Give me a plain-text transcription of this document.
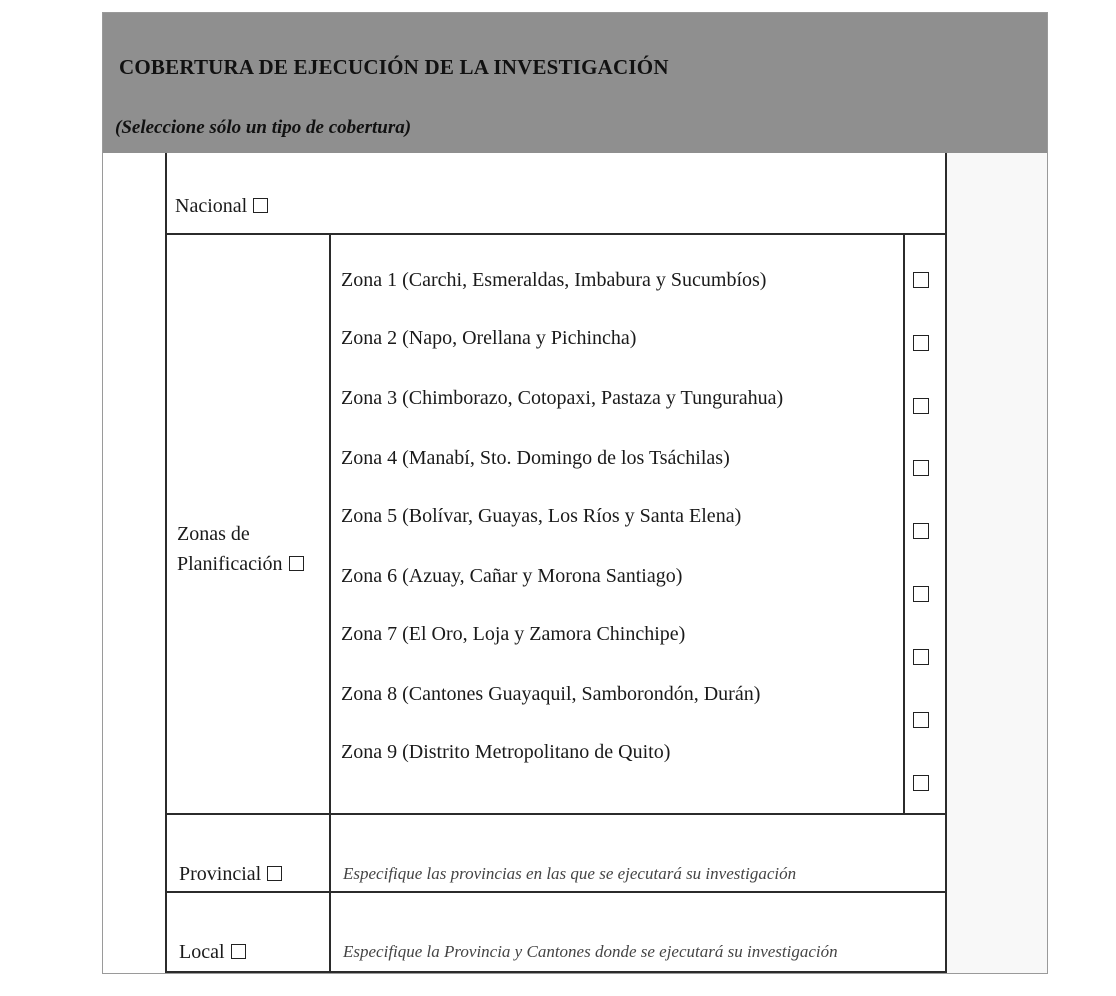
COBERTURA DE EJECUCIÓN DE LA INVESTIGACIÓN
(Seleccione sólo un tipo de cobertura)
Nacional
Zonas de
Planificación
Provincial	Especifique las provincias en las que se ejecutará su investigación
Local	Especifique la Provincia y Cantones donde se ejecutará su investigación
Zona 1 (Carchi, Esmeraldas, Imbabura y Sucumbíos)
Zona 2 (Napo, Orellana y Pichincha)
Zona 3 (Chimborazo, Cotopaxi, Pastaza y Tungurahua)
Zona 4 (Manabí, Sto. Domingo de los Tsáchilas)
Zona 5 (Bolívar, Guayas, Los Ríos y Santa Elena)
Zona 6 (Azuay, Cañar y Morona Santiago)
Zona 7 (El Oro, Loja y Zamora Chinchipe)
Zona 8 (Cantones Guayaquil, Samborondón, Durán)
Zona 9 (Distrito Metropolitano de Quito)
